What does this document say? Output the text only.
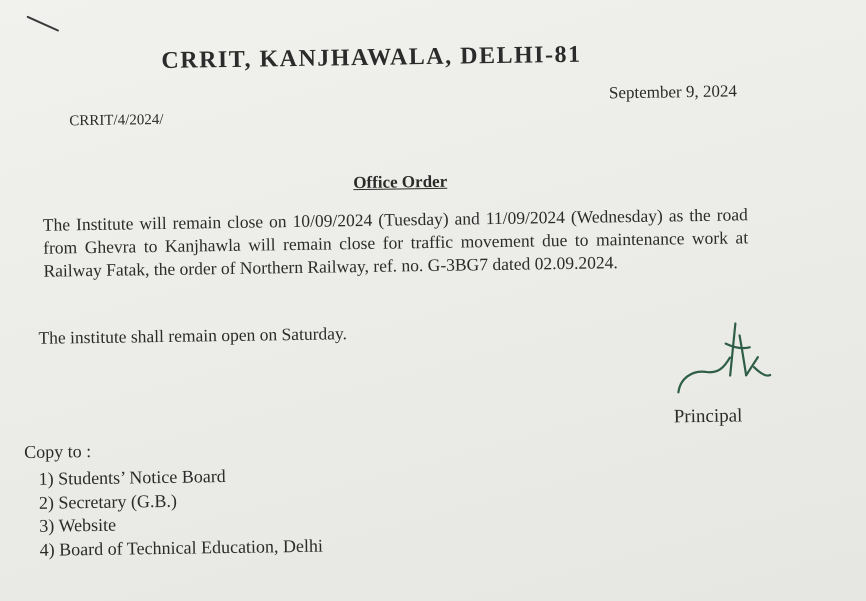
CRRIT, KANJHAWALA, DELHI-81
CRRIT/4/2024/
September 9, 2024
Office Order
The Institute will remain close on 10/09/2024 (Tuesday) and 11/09/2024 (Wednesday) as the road from Ghevra to Kanjhawla will remain close for traffic movement due to maintenance work at Railway Fatak, the order of Northern Railway, ref. no. G-3BG7 dated 02.09.2024.
The institute shall remain open on Saturday.
Principal
Copy to :
1) Students’ Notice Board
2) Secretary (G.B.)
3) Website
4) Board of Technical Education, Delhi
